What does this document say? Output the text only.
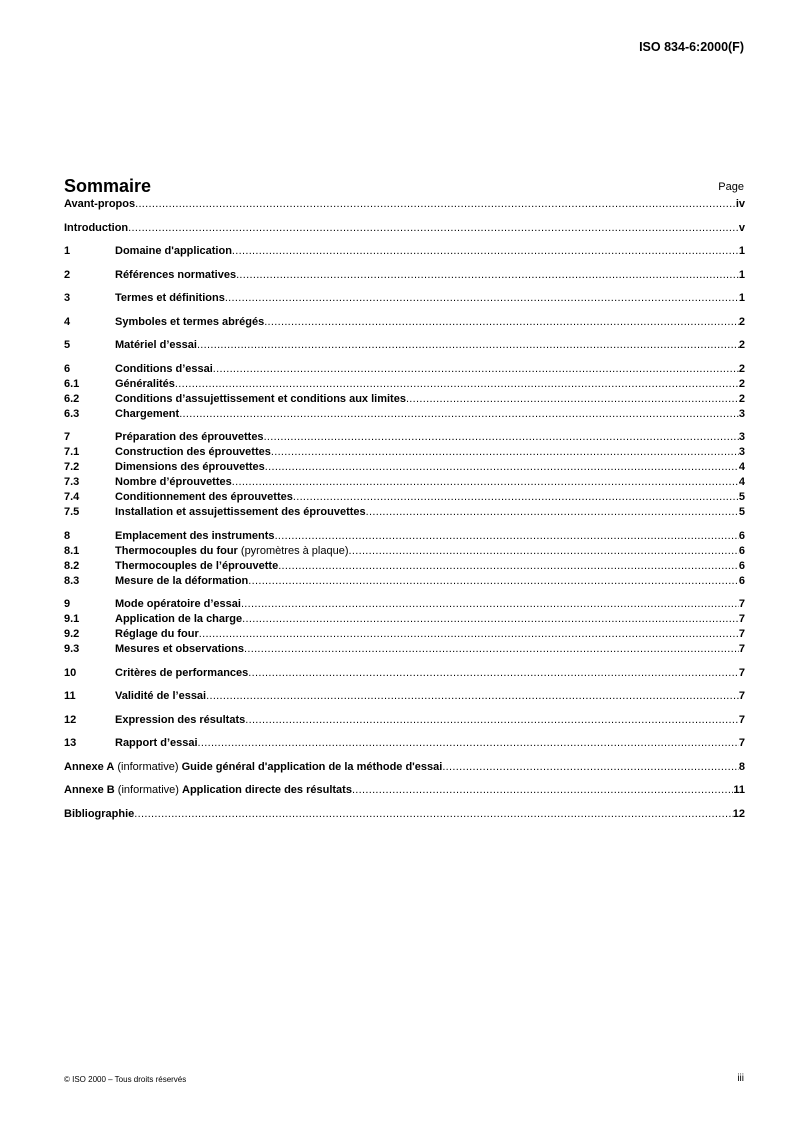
ISO 834-6:2000(F)
Sommaire	Page
Avant-propos .....	iv
Introduction .....	v
1	Domaine d'application .....	1
2	Références normatives .....	1
3	Termes et définitions .....	1
4	Symboles et termes abrégés .....	2
5	Matériel d’essai .....	2
6	Conditions d’essai .....	2
6.1	Généralités .....	2
6.2	Conditions d’assujettissement et conditions aux limites .....	2
6.3	Chargement .....	3
7	Préparation des éprouvettes .....	3
7.1	Construction des éprouvettes .....	3
7.2	Dimensions des éprouvettes .....	4
7.3	Nombre d’éprouvettes .....	4
7.4	Conditionnement des éprouvettes .....	5
7.5	Installation et assujettissement des éprouvettes .....	5
8	Emplacement des instruments .....	6
8.1	Thermocouples du four (pyromètres à plaque) .....	6
8.2	Thermocouples de l’éprouvette .....	6
8.3	Mesure de la déformation .....	6
9	Mode opératoire d’essai .....	7
9.1	Application de la charge .....	7
9.2	Réglage du four .....	7
9.3	Mesures et observations .....	7
10	Critères de performances .....	7
11	Validité de l’essai .....	7
12	Expression des résultats .....	7
13	Rapport d’essai .....	7
Annexe A (informative) Guide général d'application de la méthode d'essai .....	8
Annexe B (informative) Application directe des résultats .....	11
Bibliographie .....	12
© ISO 2000 – Tous droits réservés	iii
